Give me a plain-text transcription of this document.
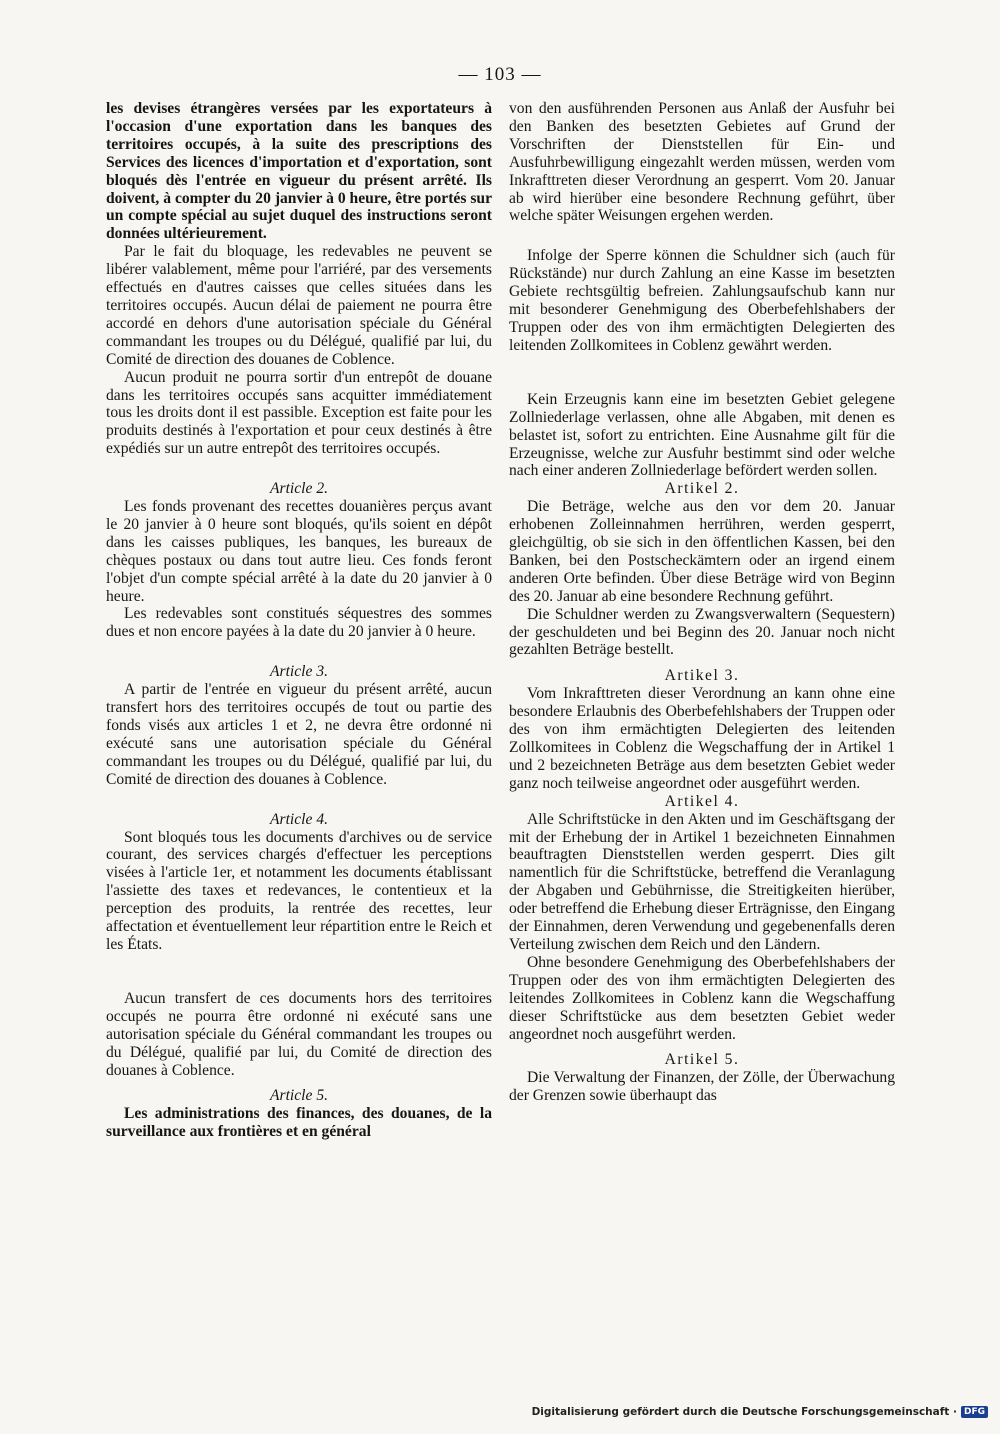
— 103 —

les devises étrangères versées par les exportateurs à l'occasion d'une exportation dans les banques des territoires occupés, à la suite des prescriptions des Services des licences d'importation et d'exportation, sont bloqués dès l'entrée en vigueur du présent arrêté. Ils doivent, à compter du 20 janvier à 0 heure, être portés sur un compte spécial au sujet duquel des instructions seront données ultérieurement.

Par le fait du bloquage, les redevables ne peuvent se libérer valablement, même pour l'arriéré, par des versements effectués en d'autres caisses que celles situées dans les territoires occupés. Aucun délai de paiement ne pourra être accordé en dehors d'une autorisation spéciale du Général commandant les troupes ou du Délégué, qualifié par lui, du Comité de direction des douanes de Coblence.

Aucun produit ne pourra sortir d'un entrepôt de douane dans les territoires occupés sans acquitter immédiatement tous les droits dont il est passible. Exception est faite pour les produits destinés à l'exportation et pour ceux destinés à être expédiés sur un autre entrepôt des territoires occupés.

Article 2.

Les fonds provenant des recettes douanières perçus avant le 20 janvier à 0 heure sont bloqués, qu'ils soient en dépôt dans les caisses publiques, les banques, les bureaux de chèques postaux ou dans tout autre lieu. Ces fonds feront l'objet d'un compte spécial arrêté à la date du 20 janvier à 0 heure.

Les redevables sont constitués séquestres des sommes dues et non encore payées à la date du 20 janvier à 0 heure.

Article 3.

A partir de l'entrée en vigueur du présent arrêté, aucun transfert hors des territoires occupés de tout ou partie des fonds visés aux articles 1 et 2, ne devra être ordonné ni exécuté sans une autorisation spéciale du Général commandant les troupes ou du Délégué, qualifié par lui, du Comité de direction des douanes à Coblence.

Article 4.

Sont bloqués tous les documents d'archives ou de service courant, des services chargés d'effectuer les perceptions visées à l'article 1er, et notamment les documents établissant l'assiette des taxes et redevances, le contentieux et la perception des produits, la rentrée des recettes, leur affectation et éventuellement leur répartition entre le Reich et les États.

Aucun transfert de ces documents hors des territoires occupés ne pourra être ordonné ni exécuté sans une autorisation spéciale du Général commandant les troupes ou du Délégué, qualifié par lui, du Comité de direction des douanes à Coblence.

Article 5.

Les administrations des finances, des douanes, de la surveillance aux frontières et en général

von den ausführenden Personen aus Anlaß der Ausfuhr bei den Banken des besetzten Gebietes auf Grund der Vorschriften der Dienststellen für Ein- und Ausfuhrbewilligung eingezahlt werden müssen, werden vom Inkrafttreten dieser Verordnung an gesperrt. Vom 20. Januar ab wird hierüber eine besondere Rechnung geführt, über welche später Weisungen ergehen werden.

Infolge der Sperre können die Schuldner sich (auch für Rückstände) nur durch Zahlung an eine Kasse im besetzten Gebiete rechtsgültig befreien. Zahlungsaufschub kann nur mit besonderer Genehmigung des Oberbefehlshabers der Truppen oder des von ihm ermächtigten Delegierten des leitenden Zollkomitees in Coblenz gewährt werden.

Kein Erzeugnis kann eine im besetzten Gebiet gelegene Zollniederlage verlassen, ohne alle Abgaben, mit denen es belastet ist, sofort zu entrichten. Eine Ausnahme gilt für die Erzeugnisse, welche zur Ausfuhr bestimmt sind oder welche nach einer anderen Zollniederlage befördert werden sollen.

Artikel 2.

Die Beträge, welche aus den vor dem 20. Januar erhobenen Zolleinnahmen herrühren, werden gesperrt, gleichgültig, ob sie sich in den öffentlichen Kassen, bei den Banken, bei den Postscheckämtern oder an irgend einem anderen Orte befinden. Über diese Beträge wird von Beginn des 20. Januar ab eine besondere Rechnung geführt.

Die Schuldner werden zu Zwangsverwaltern (Sequestern) der geschuldeten und bei Beginn des 20. Januar noch nicht gezahlten Beträge bestellt.

Artikel 3.

Vom Inkrafttreten dieser Verordnung an kann ohne eine besondere Erlaubnis des Oberbefehlshabers der Truppen oder des von ihm ermächtigten Delegierten des leitenden Zollkomitees in Coblenz die Wegschaffung der in Artikel 1 und 2 bezeichneten Beträge aus dem besetzten Gebiet weder ganz noch teilweise angeordnet oder ausgeführt werden.

Artikel 4.

Alle Schriftstücke in den Akten und im Geschäftsgang der mit der Erhebung der in Artikel 1 bezeichneten Einnahmen beauftragten Dienststellen werden gesperrt. Dies gilt namentlich für die Schriftstücke, betreffend die Veranlagung der Abgaben und Gebührnisse, die Streitigkeiten hierüber, oder betreffend die Erhebung dieser Erträgnisse, den Eingang der Einnahmen, deren Verwendung und gegebenenfalls deren Verteilung zwischen dem Reich und den Ländern.

Ohne besondere Genehmigung des Oberbefehlshabers der Truppen oder des von ihm ermächtigten Delegierten des leitendes Zollkomitees in Coblenz kann die Wegschaffung dieser Schriftstücke aus dem besetzten Gebiet weder angeordnet noch ausgeführt werden.

Artikel 5.

Die Verwaltung der Finanzen, der Zölle, der Überwachung der Grenzen sowie überhaupt das

Digitalisierung gefördert durch die Deutsche Forschungsgemeinschaft · DFG
